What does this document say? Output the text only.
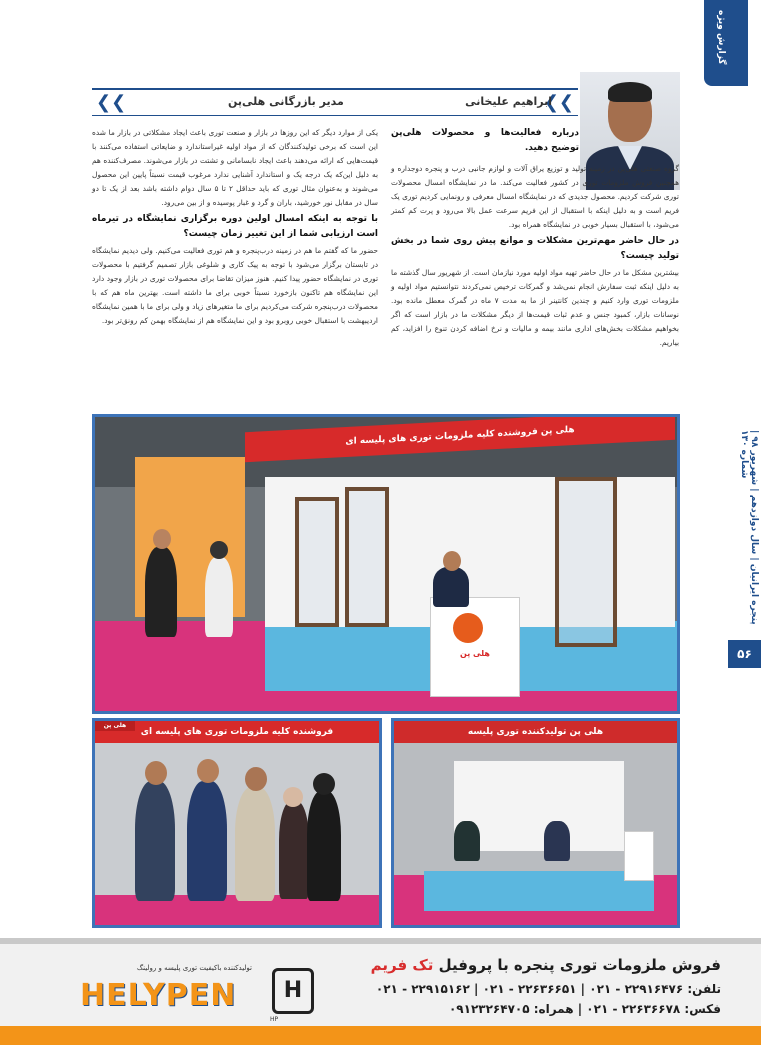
گزارش ویژه
پنجره ایرانیان | سال دوازدهم | شهریور ۹۸ | شماره ۱۳۰
۵۶
❮❮
ابراهیم علیخانی
مدیر بازرگانی هلی‌پن
❮❮

درباره فعالیت‌ها و محصولات هلی‌پن توضیح دهید.

گروه صنعتی هلی‌پن در زمینه تولید و توزیع یراق آلات و لوازم جانبی درب و پنجره دوجداره و همچنین فروش ملزومات توری در کشور فعالیت می‌کند. ما در نمایشگاه امسال محصولات توری شرکت کردیم. محصول جدیدی که در نمایشگاه امسال معرفی و رونمایی کردیم توری یک فریم است و به دلیل اینکه با استقبال از این فریم سرعت عمل بالا می‌رود و پرت کم کمتر می‌شود، با استقبال بسیار خوبی در نمایشگاه همراه بود.

در حال حاضر مهم‌ترین مشکلات و موانع پیش روی شما در بخش تولید چیست؟

بیشترین مشکل ما در حال حاضر تهیه مواد اولیه مورد نیاز‌مان است. از شهریور سال گذشته ما به دلیل اینکه ثبت سفارش انجام نمی‌شد و گمرکات ترخیص نمی‌کردند نتوانستیم مواد اولیه و ملزومات توری وارد کنیم و چندین کانتینر از ما به مدت ۷ ماه در گمرک معطل مانده بود. نوسانات بازار، کمبود جنس و عدم ثبات قیمت‌ها از دیگر مشکلات ما در بازار است که اگر بخواهیم مشکلات بخش‌های اداری مانند بیمه و مالیات و نرخ اضافه کردن تنوع را افزاید، کم بیاریم.

یکی از موارد دیگر که این روزها در بازار و صنعت توری باعث ایجاد مشکلاتی در بازار ما شده این است که برخی تولیدکنندگان که از مواد اولیه غیراستاندارد و ضایعاتی استفاده می‌کنند با قیمت‌هایی که ارائه می‌دهند باعث ایجاد نابسامانی و تشتت در بازار می‌شوند. مصرف‌کننده هم به دلیل این‌که یک درجه یک و استاندارد آشنایی ندارد مرغوب قیمت نسبتاً پایین این محصول می‌شوند و به‌عنوان مثال توری که باید حداقل ۲ تا ۵ سال دوام داشته باشد بعد از یک تا دو سال در مقابل نور خورشید، باران و گرد و غبار پوسیده و از بین می‌رود.

با توجه به اینکه امسال اولین دوره برگزاری نمایشگاه در تیرماه است ارزیابی شما از این تغییر زمان چیست؟

حضور ما که گفتم ما هم در زمینه درب‌پنجره و هم توری فعالیت می‌کنیم. ولی دیدیم نمایشگاه در تابستان برگزار می‌شود با توجه به پیک کاری و شلوغی بازار تصمیم گرفتیم با محصولات توری در نمایشگاه حضور پیدا کنیم. هنوز میزان تقاضا برای محصولات توری در بازار وجود دارد این نمایشگاه هم تاکنون بازخورد نسبتاً خوبی برای ما داشته است. بهترین ماه هم که با محصولات درب‌پنجره شرکت می‌کردیم برای ما متغیرهای زیاد و ولی برای ما با همین نمایشگاه اردیبهشت با استقبال خوبی روبرو بود و این نمایشگاه هم از نمایشگاه بهمن کم رونق‌تر بود.

هلی پن فروشنده کلیه ملزومات توری های پلیسه ای
هلی پن
فروشنده کلیه ملزومات توری های پلیسه ای
هلی پن
هلی پن تولیدکننده توری پلیسه
فروش ملزومات توری پنجره با پروفیل تک فریم
تلفن: ۲۲۹۱۶۴۷۶ - ۰۲۱ | ۲۲۶۳۶۶۵۱ - ۰۲۱ | ۲۲۹۱۵۱۶۲ - ۰۲۱
فکس: ۲۲۶۳۶۶۷۸ - ۰۲۱ | همراه: ۰۹۱۲۳۲۶۴۷۰۵
تولیدکننده باکیفیت توری پلیسه و رولینگ
HELYPEN	H
HP
